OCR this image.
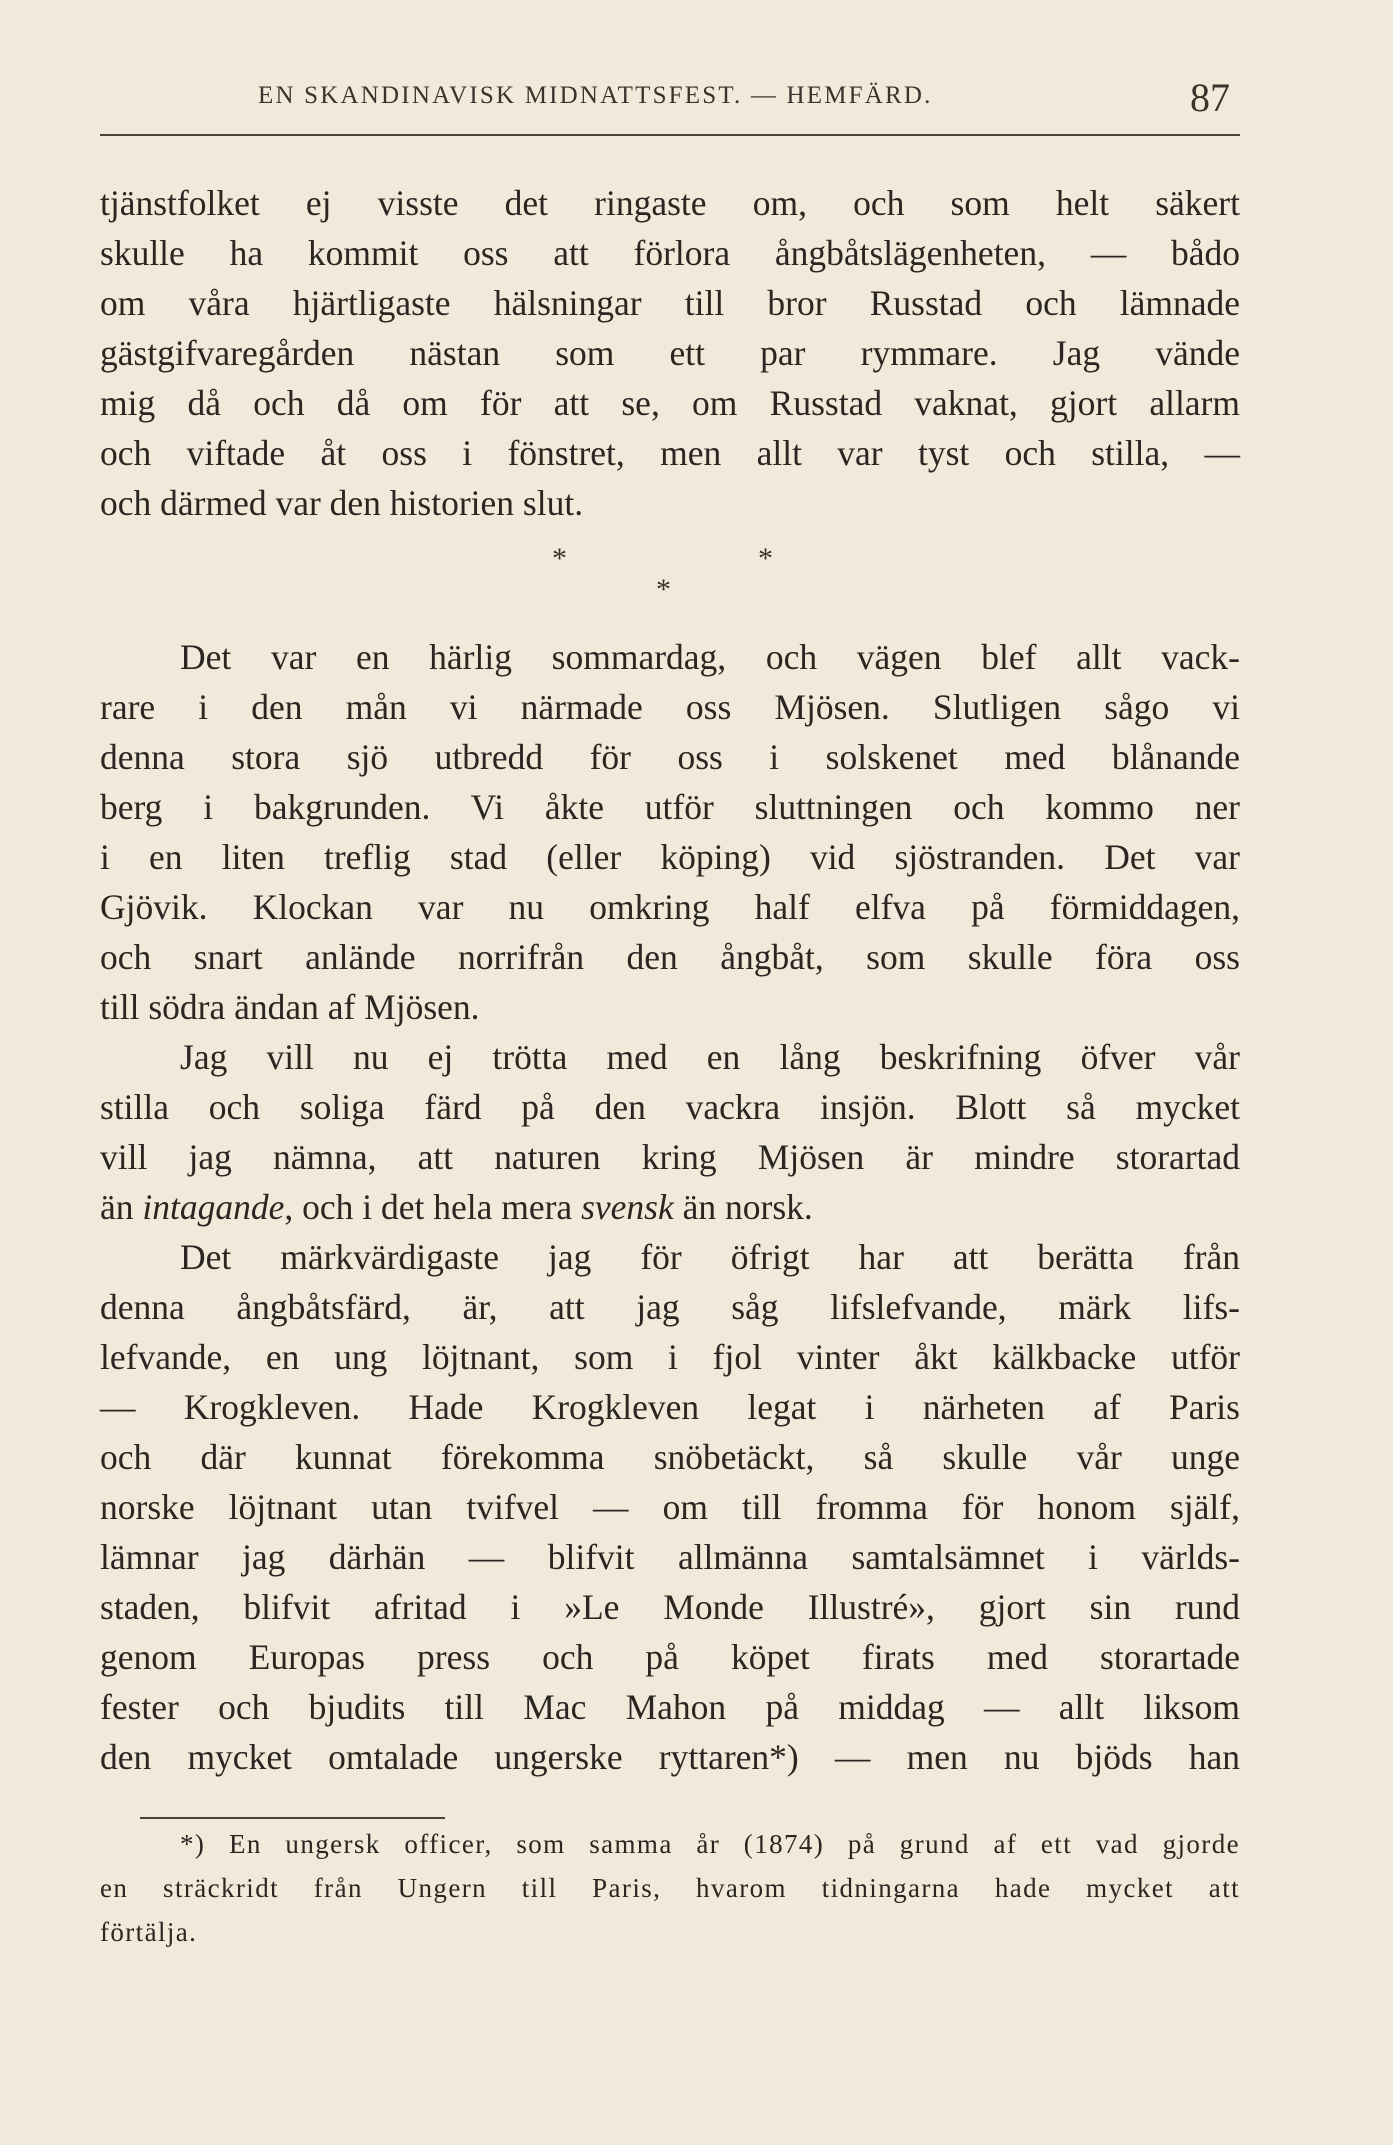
EN SKANDINAVISK MIDNATTSFEST. — HEMFÄRD.	87
tjänstfolket ej visste det ringaste om, och som helt säkert
skulle ha kommit oss att förlora ångbåtslägenheten, — bådo
om våra hjärtligaste hälsningar till bror Russtad och lämnade
gästgifvaregården nästan som ett par rymmare. Jag vände
mig då och då om för att se, om Russtad vaknat, gjort allarm
och viftade åt oss i fönstret, men allt var tyst och stilla, —
och därmed var den historien slut.
*	*
*
Det var en härlig sommardag, och vägen blef allt vack-
rare i den mån vi närmade oss Mjösen. Slutligen sågo vi
denna stora sjö utbredd för oss i solskenet med blånande
berg i bakgrunden. Vi åkte utför sluttningen och kommo ner
i en liten treflig stad (eller köping) vid sjöstranden. Det var
Gjövik. Klockan var nu omkring half elfva på förmiddagen,
och snart anlände norrifrån den ångbåt, som skulle föra oss
till södra ändan af Mjösen.
Jag vill nu ej trötta med en lång beskrifning öfver vår
stilla och soliga färd på den vackra insjön. Blott så mycket
vill jag nämna, att naturen kring Mjösen är mindre storartad
än intagande, och i det hela mera svensk än norsk.
Det märkvärdigaste jag för öfrigt har att berätta från
denna ångbåtsfärd, är, att jag såg lifslefvande, märk lifs-
lefvande, en ung löjtnant, som i fjol vinter åkt kälkbacke utför
— Krogkleven. Hade Krogkleven legat i närheten af Paris
och där kunnat förekomma snöbetäckt, så skulle vår unge
norske löjtnant utan tvifvel — om till fromma för honom själf,
lämnar jag därhän — blifvit allmänna samtalsämnet i världs-
staden, blifvit afritad i »Le Monde Illustré», gjort sin rund
genom Europas press och på köpet firats med storartade
fester och bjudits till Mac Mahon på middag — allt liksom
den mycket omtalade ungerske ryttaren*) — men nu bjöds han
*) En ungersk officer, som samma år (1874) på grund af ett vad gjorde
en sträckridt från Ungern till Paris, hvarom tidningarna hade mycket att
förtälja.
